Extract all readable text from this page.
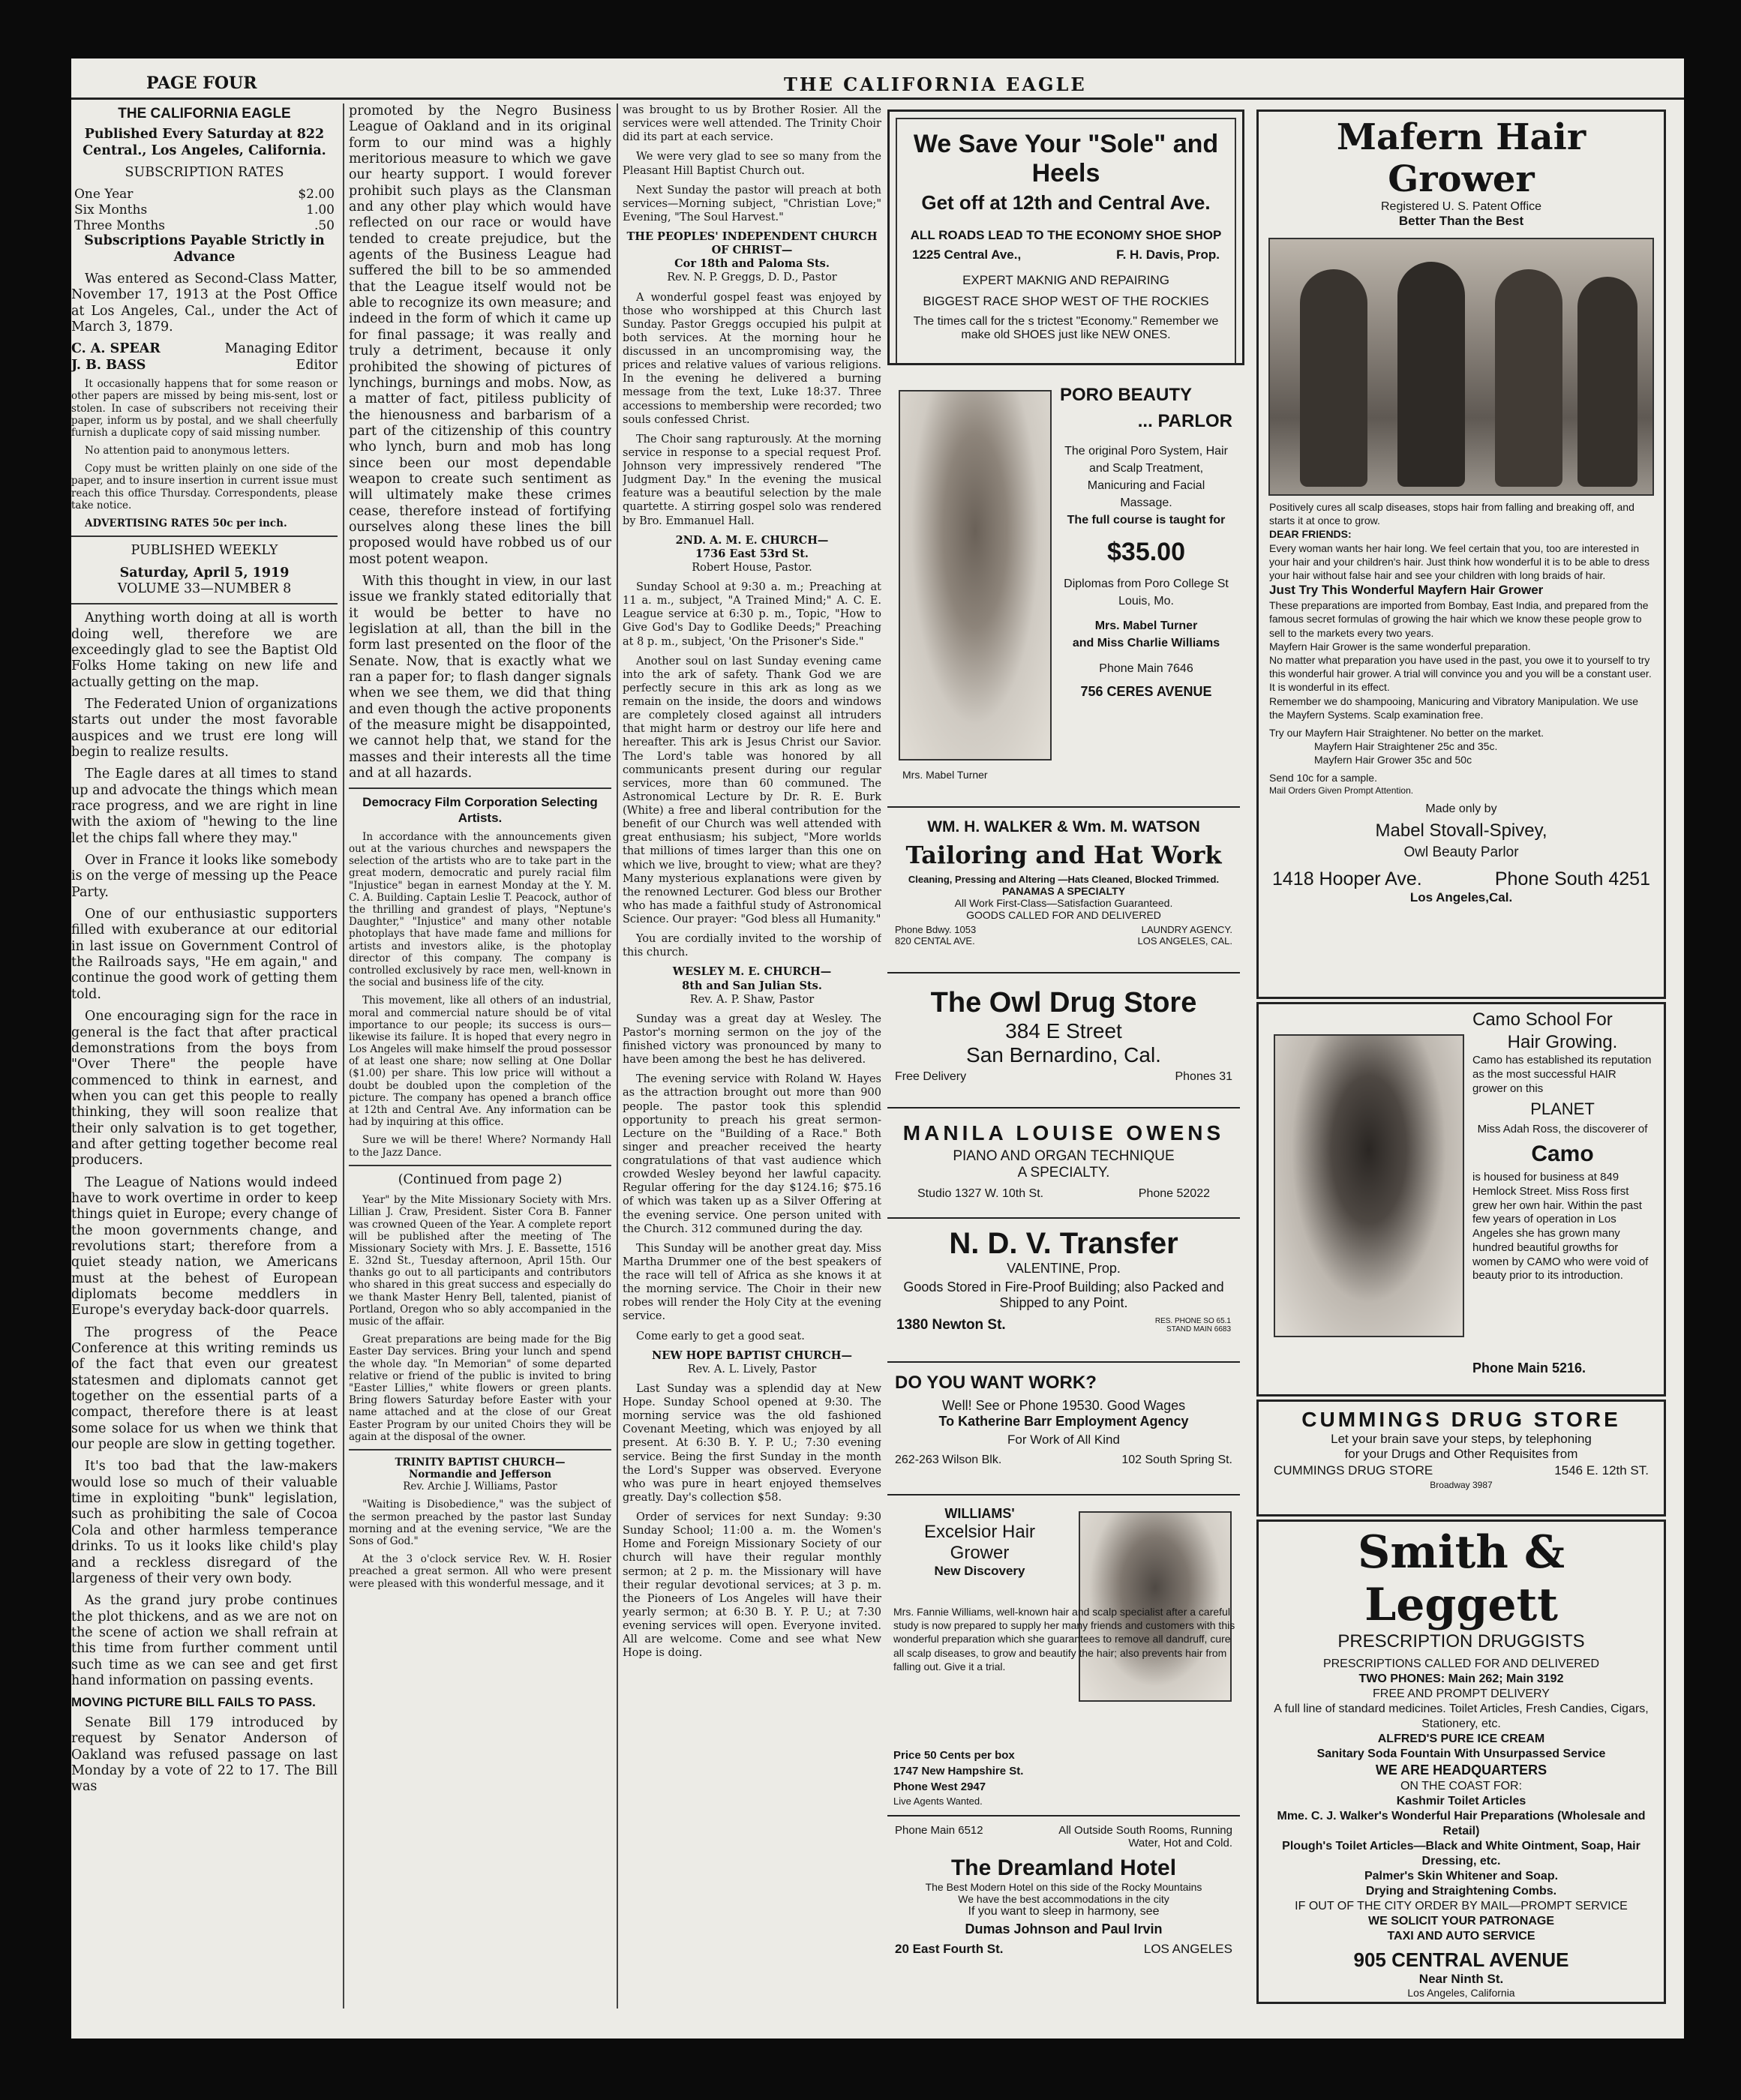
PAGE FOUR	THE CALIFORNIA EAGLE
THE CALIFORNIA EAGLE

Published Every Saturday at 822 Central., Los Angeles, California.

SUBSCRIPTION RATES

One Year	$2.00
Six Months	1.00
Three Months	.50

Subscriptions Payable Strictly in Advance

Was entered as Second-Class Matter, November 17, 1913 at the Post Office at Los Angeles, Cal., under the Act of March 3, 1879.

C. A. SPEAR	Managing Editor
J. B. BASS	Editor

It occasionally happens that for some reason or other papers are missed by being mis-sent, lost or stolen. In case of subscribers not receiving their paper, inform us by postal, and we shall cheerfully furnish a duplicate copy of said missing number.

No attention paid to anonymous letters.

Copy must be written plainly on one side of the paper, and to insure insertion in current issue must reach this office Thursday. Correspondents, please take notice.

ADVERTISING RATES 50c per inch.

PUBLISHED WEEKLY

Saturday, April 5, 1919

VOLUME 33—NUMBER 8

Anything worth doing at all is worth doing well, therefore we are exceedingly glad to see the Baptist Old Folks Home taking on new life and actually getting on the map.

The Federated Union of organizations starts out under the most favorable auspices and we trust ere long will begin to realize results.

The Eagle dares at all times to stand up and advocate the things which mean race progress, and we are right in line with the axiom of "hewing to the line let the chips fall where they may."

Over in France it looks like somebody is on the verge of messing up the Peace Party.

One of our enthusiastic supporters filled with exuberance at our editorial in last issue on Government Control of the Railroads says, "He em again," and continue the good work of getting them told.

One encouraging sign for the race in general is the fact that after practical demonstrations from the boys from "Over There" the people have commenced to think in earnest, and when you can get this people to really thinking, they will soon realize that their only salvation is to get together, and after getting together become real producers.

The League of Nations would indeed have to work overtime in order to keep things quiet in Europe; every change of the moon governments change, and revolutions start; therefore from a quiet steady nation, we Americans must at the behest of European diplomats become meddlers in Europe's everyday back-door quarrels.

The progress of the Peace Conference at this writing reminds us of the fact that even our greatest statesmen and diplomats cannot get together on the essential parts of a compact, therefore there is at least some solace for us when we think that our people are slow in getting together.

It's too bad that the law-makers would lose so much of their valuable time in exploiting "bunk" legislation, such as prohibiting the sale of Cocoa Cola and other harmless temperance drinks. To us it looks like child's play and a reckless disregard of the largeness of their very own body.

As the grand jury probe continues the plot thickens, and as we are not on the scene of action we shall refrain at this time from further comment until such time as we can see and get first hand information on passing events.

MOVING PICTURE BILL FAILS TO PASS.

Senate Bill 179 introduced by request by Senator Anderson of Oakland was refused passage on last Monday by a vote of 22 to 17. The Bill was

promoted by the Negro Business League of Oakland and in its original form to our mind was a highly meritorious measure to which we gave our hearty support. I would forever prohibit such plays as the Clansman and any other play which would have reflected on our race or would have tended to create prejudice, but the agents of the Business League had suffered the bill to be so ammended that the League itself would not be able to recognize its own measure; and indeed in the form of which it came up for final passage; it was really and truly a detriment, because it only prohibited the showing of pictures of lynchings, burnings and mobs. Now, as a matter of fact, pitiless publicity of the hienousness and barbarism of a part of the citizenship of this country who lynch, burn and mob has long since been our most dependable weapon to create such sentiment as will ultimately make these crimes cease, therefore instead of fortifying ourselves along these lines the bill proposed would have robbed us of our most potent weapon.

With this thought in view, in our last issue we frankly stated editorially that it would be better to have no legislation at all, than the bill in the form last presented on the floor of the Senate. Now, that is exactly what we ran a paper for; to flash danger signals when we see them, we did that thing and even though the active proponents of the measure might be disappointed, we cannot help that, we stand for the masses and their interests all the time and at all hazards.

Democracy Film Corporation Selecting Artists.

In accordance with the announcements given out at the various churches and newspapers the selection of the artists who are to take part in the great modern, democratic and purely racial film "Injustice" began in earnest Monday at the Y. M. C. A. Building. Captain Leslie T. Peacock, author of the thrilling and grandest of plays, "Neptune's Daughter," "Injustice" and many other notable photoplays that have made fame and millions for artists and investors alike, is the photoplay director of this company. The company is controlled exclusively by race men, well-known in the social and business life of the city.

This movement, like all others of an industrial, moral and commercial nature should be of vital importance to our people; its success is ours—likewise its failure. It is hoped that every negro in Los Angeles will make himself the proud possessor of at least one share; now selling at One Dollar ($1.00) per share. This low price will without a doubt be doubled upon the completion of the picture. The company has opened a branch office at 12th and Central Ave. Any information can be had by inquiring at this office.

Sure we will be there! Where? Normandy Hall to the Jazz Dance.

(Continued from page 2)

Year" by the Mite Missionary Society with Mrs. Lillian J. Craw, President. Sister Cora B. Fanner was crowned Queen of the Year. A complete report will be published after the meeting of The Missionary Society with Mrs. J. E. Bassette, 1516 E. 32nd St., Tuesday afternoon, April 15th. Our thanks go out to all participants and contributors who shared in this great success and especially do we thank Master Henry Bell, talented, pianist of Portland, Oregon who so ably accompanied in the music of the affair.

Great preparations are being made for the Big Easter Day services. Bring your lunch and spend the whole day. "In Memorian" of some departed relative or friend of the public is invited to bring "Easter Lillies," white flowers or green plants. Bring flowers Saturday before Easter with your name attached and at the close of our Great Easter Program by our united Choirs they will be again at the disposal of the owner.

TRINITY BAPTIST CHURCH—

Normandie and Jefferson

Rev. Archie J. Williams, Pastor

"Waiting is Disobedience," was the subject of the sermon preached by the pastor last Sunday morning and at the evening service, "We are the Sons of God."

At the 3 o'clock service Rev. W. H. Rosier preached a great sermon. All who were present were pleased with this wonderful message, and it

was brought to us by Brother Rosier. All the services were well attended. The Trinity Choir did its part at each service.

We were very glad to see so many from the Pleasant Hill Baptist Church out.

Next Sunday the pastor will preach at both services—Morning subject, "Christian Love;" Evening, "The Soul Harvest."

THE PEOPLES' INDEPENDENT CHURCH OF CHRIST—

Cor 18th and Paloma Sts.

Rev. N. P. Greggs, D. D., Pastor

A wonderful gospel feast was enjoyed by those who worshipped at this Church last Sunday. Pastor Greggs occupied his pulpit at both services. At the morning hour he discussed in an uncompromising way, the prices and relative values of various religions. In the evening he delivered a burning message from the text, Luke 18:37. Three accessions to membership were recorded; two souls confessed Christ.

The Choir sang rapturously. At the morning service in response to a special request Prof. Johnson very impressively rendered "The Judgment Day." In the evening the musical feature was a beautiful selection by the male quartette. A stirring gospel solo was rendered by Bro. Emmanuel Hall.

2ND. A. M. E. CHURCH—

1736 East 53rd St.

Robert House, Pastor.

Sunday School at 9:30 a. m.; Preaching at 11 a. m., subject, "A Trained Mind;" A. C. E. League service at 6:30 p. m., Topic, "How to Give God's Day to Godlike Deeds;" Preaching at 8 p. m., subject, 'On the Prisoner's Side."

Another soul on last Sunday evening came into the ark of safety. Thank God we are perfectly secure in this ark as long as we remain on the inside, the doors and windows are completely closed against all intruders that might harm or destroy our life here and hereafter. This ark is Jesus Christ our Savior. The Lord's table was honored by all communicants present during our regular services, more than 60 communed. The Astronomical Lecture by Dr. R. E. Burk (White) a free and liberal contribution for the benefit of our Church was well attended with great enthusiasm; his subject, "More worlds that millions of times larger than this one on which we live, brought to view; what are they? Many mysterious explanations were given by the renowned Lecturer. God bless our Brother who has made a faithful study of Astronomical Science. Our prayer: "God bless all Humanity."

You are cordially invited to the worship of this church.

WESLEY M. E. CHURCH—

8th and San Julian Sts.

Rev. A. P. Shaw, Pastor

Sunday was a great day at Wesley. The Pastor's morning sermon on the joy of the finished victory was pronounced by many to have been among the best he has delivered.

The evening service with Roland W. Hayes as the attraction brought out more than 900 people. The pastor took this splendid opportunity to preach his great sermon-Lecture on the "Building of a Race." Both singer and preacher received the hearty congratulations of that vast audience which crowded Wesley beyond her lawful capacity. Regular offering for the day $124.16; $75.16 of which was taken up as a Silver Offering at the evening service. One person united with the Church. 312 communed during the day.

This Sunday will be another great day. Miss Martha Drummer one of the best speakers of the race will tell of Africa as she knows it at the morning service. The Choir in their new robes will render the Holy City at the evening service.

Come early to get a good seat.

NEW HOPE BAPTIST CHURCH—

Rev. A. L. Lively, Pastor

Last Sunday was a splendid day at New Hope. Sunday School opened at 9:30. The morning service was the old fashioned Covenant Meeting, which was enjoyed by all present. At 6:30 B. Y. P. U.; 7:30 evening service. Being the first Sunday in the month the Lord's Supper was observed. Everyone who was pure in heart enjoyed themselves greatly. Day's collection $58.

Order of services for next Sunday: 9:30 Sunday School; 11:00 a. m. the Women's Home and Foreign Missionary Society of our church will have their regular monthly sermon; at 2 p. m. the Missionary will have their regular devotional services; at 3 p. m. the Pioneers of Los Angeles will have their yearly sermon; at 6:30 B. Y. P. U.; at 7:30 evening services will open. Everyone invited. All are welcome. Come and see what New Hope is doing.

We Save Your "Sole" and Heels
Get off at 12th and Central Ave.
ALL ROADS LEAD TO THE ECONOMY SHOE SHOP
1225 Central Ave.,	F. H. Davis, Prop.
EXPERT MAKNIG AND REPAIRING
BIGGEST RACE SHOP WEST OF THE ROCKIES
The times call for the s trictest "Economy." Remember we make old SHOES just like NEW ONES.
Mrs. Mabel Turner
PORO BEAUTY
... PARLOR
The original Poro System, Hair and Scalp Treatment, Manicuring and Facial Massage.
The full course is taught for
$35.00
Diplomas from Poro College St Louis, Mo.
Mrs. Mabel Turner
and Miss Charlie Williams
Phone Main 7646
756 CERES AVENUE
WM. H. WALKER & Wm. M. WATSON
Tailoring and Hat Work
Cleaning, Pressing and Altering —Hats Cleaned, Blocked Trimmed.
PANAMAS A SPECIALTY
All Work First-Class—Satisfaction Guaranteed.
GOODS CALLED FOR AND DELIVERED
Phone Bdwy. 1053	LAUNDRY AGENCY.
820 CENTAL AVE.	LOS ANGELES, CAL.
The Owl Drug Store
384 E Street
San Bernardino, Cal.
Free Delivery	Phones 31
MANILA LOUISE OWENS
PIANO AND ORGAN TECHNIQUE
A SPECIALTY.
Studio 1327 W. 10th St.	Phone 52022
N. D. V. Transfer
VALENTINE, Prop.
Goods Stored in Fire-Proof Building; also Packed and Shipped to any Point.
1380 Newton St.	RES. PHONE SO 65.1
STAND MAIN 6683
DO YOU WANT WORK?
Well! See or Phone 19530. Good Wages
To Katherine Barr Employment Agency
For Work of All Kind
262-263 Wilson Blk.	102 South Spring St.
WILLIAMS'
Excelsior Hair Grower
New Discovery
Mrs. Fannie Williams, well-known hair and scalp specialist after a careful study is now prepared to supply her many friends and customers with this wonderful preparation which she guarantees to remove all dandruff, cure all scalp diseases, to grow and beautify the hair; also prevents hair from falling out. Give it a trial.
Price 50 Cents per box
1747 New Hampshire St.
Phone West 2947
Live Agents Wanted.
Phone Main 6512	All Outside South Rooms, Running Water, Hot and Cold.
The Dreamland Hotel
The Best Modern Hotel on this side of the Rocky Mountains
We have the best accommodations in the city
If you want to sleep in harmony, see
Dumas Johnson and Paul Irvin
20 East Fourth St.	LOS ANGELES
Mafern Hair Grower
Registered U. S. Patent Office
Better Than the Best
Positively cures all scalp diseases, stops hair from falling and breaking off, and starts it at once to grow.
DEAR FRIENDS:
Every woman wants her hair long. We feel certain that you, too are interested in your hair and your children's hair. Just think how wonderful it is to be able to dress your hair without false hair and see your children with long braids of hair.
Just Try This Wonderful Mayfern Hair Grower
These preparations are imported from Bombay, East India, and prepared from the famous secret formulas of growing the hair which we know these people grow to sell to the markets every two years.
Mayfern Hair Grower is the same wonderful preparation.
No matter what preparation you have used in the past, you owe it to yourself to try this wonderful hair grower. A trial will convince you and you will be a constant user. It is wonderful in its effect.
Remember we do shampooing, Manicuring and Vibratory Manipulation. We use the Mayfern Systems. Scalp examination free.
Try our Mayfern Hair Straightener. No better on the market.
Mayfern Hair Straightener 25c and 35c.
Mayfern Hair Grower 35c and 50c
Send 10c for a sample.
Mail Orders Given Prompt Attention.
Made only by
Mabel Stovall-Spivey,
Owl Beauty Parlor
1418 Hooper Ave.	Phone South 4251
Los Angeles,Cal.
Camo School For
Hair Growing.
Camo has established its reputation as the most successful HAIR grower on this
PLANET
Miss Adah Ross, the discoverer of
Camo
is housed for business at 849 Hemlock Street. Miss Ross first grew her own hair. Within the past few years of operation in Los Angeles she has grown many hundred beautiful growths for women by CAMO who were void of beauty prior to its introduction.
Phone Main 5216.
CUMMINGS DRUG STORE
Let your brain save your steps, by telephoning
for your Drugs and Other Requisites from
CUMMINGS DRUG STORE	1546 E. 12th ST.
Broadway 3987
Smith & Leggett
PRESCRIPTION DRUGGISTS
PRESCRIPTIONS CALLED FOR AND DELIVERED
TWO PHONES: Main 262; Main 3192
FREE AND PROMPT DELIVERY
A full line of standard medicines. Toilet Articles, Fresh Candies, Cigars, Stationery, etc.
ALFRED'S PURE ICE CREAM
Sanitary Soda Fountain With Unsurpassed Service
WE ARE HEADQUARTERS
ON THE COAST FOR:
Kashmir Toilet Articles
Mme. C. J. Walker's Wonderful Hair Preparations (Wholesale and Retail)
Plough's Toilet Articles—Black and White Ointment, Soap, Hair Dressing, etc.
Palmer's Skin Whitener and Soap.
Drying and Straightening Combs.
IF OUT OF THE CITY ORDER BY MAIL—PROMPT SERVICE
WE SOLICIT YOUR PATRONAGE
TAXI AND AUTO SERVICE
905 CENTRAL AVENUE
Near Ninth St.
Los Angeles, California
